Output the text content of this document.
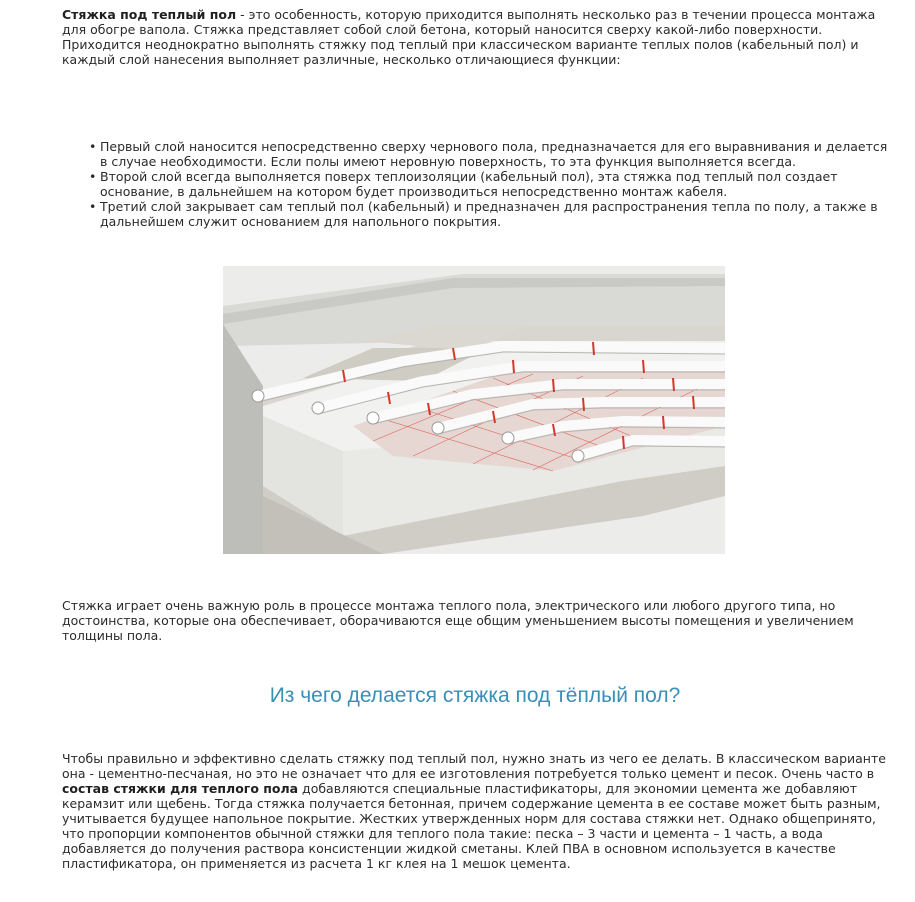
Стяжка под теплый пол - это особенность, которую приходится выполнять несколько раз в течении процесса монтажа для обогре вапола. Стяжка представляет собой слой бетона, который наносится сверху какой-либо поверхности. Приходится неоднократно выполнять стяжку под теплый при классическом варианте теплых полов (кабельный пол) и каждый слой нанесения выполняет различные, несколько отличающиеся функции:

• Первый слой наносится непосредственно сверху чернового пола, предназначается для его выравнивания и делается в случае необходимости. Если полы имеют неровную поверхность, то эта функция выполняется всегда.
• Второй слой всегда выполняется поверх теплоизоляции (кабельный пол), эта стяжка под теплый пол создает основание, в дальнейшем на котором будет производиться непосредственно монтаж кабеля.
• Третий слой закрывает сам теплый пол (кабельный) и предназначен для распространения тепла по полу, а также в дальнейшем служит основанием для напольного покрытия.

Стяжка играет очень важную роль в процессе монтажа теплого пола, электрического или любого другого типа, но достоинства, которые она обеспечивает, оборачиваются еще общим уменьшением высоты помещения и увеличением толщины пола.

Из чего делается стяжка под тёплый пол?

Чтобы правильно и эффективно сделать стяжку под теплый пол, нужно знать из чего ее делать. В классическом варианте она - цементно-песчаная, но это не означает что для ее изготовления потребуется только цемент и песок. Очень часто в состав стяжки для теплого пола добавляются специальные пластификаторы, для экономии цемента же добавляют керамзит или щебень. Тогда стяжка получается бетонная, причем содержание цемента в ее составе может быть разным, учитывается будущее напольное покрытие. Жестких утвержденных норм для состава стяжки нет. Однако общепринято, что пропорции компонентов обычной стяжки для теплого пола такие: песка – 3 части и цемента – 1 часть, а вода добавляется до получения раствора консистенции жидкой сметаны. Клей ПВА в основном используется в качестве пластификатора, он применяется из расчета 1 кг клея на 1 мешок цемента.
